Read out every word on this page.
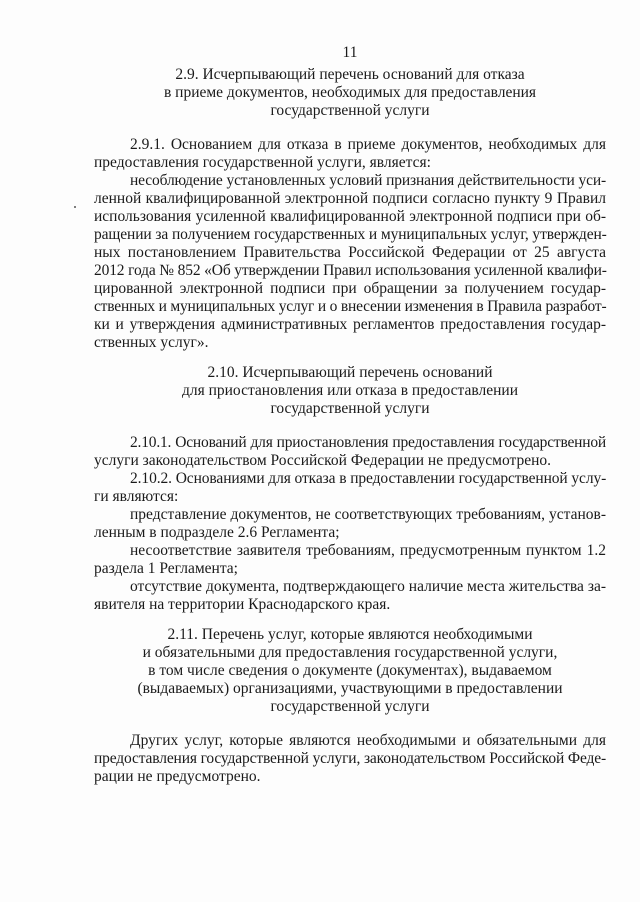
11
2.9. Исчерпывающий перечень оснований для отказа
в приеме документов, необходимых для предоставления
государственной услуги
2.9.1. Основанием для отказа в приеме документов, необходимых для
предоставления государственной услуги, является:
несоблюдение установленных условий признания действительности уси-
ленной квалифицированной электронной подписи согласно пункту 9 Правил
использования усиленной квалифицированной электронной подписи при об-
ращении за получением государственных и муниципальных услуг, утвержден-
ных постановлением Правительства Российской Федерации от 25 августа
2012 года № 852 «Об утверждении Правил использования усиленной квалифи-
цированной электронной подписи при обращении за получением государ-
ственных и муниципальных услуг и о внесении изменения в Правила разработ-
ки и утверждения административных регламентов предоставления государ-
ственных услуг».
2.10. Исчерпывающий перечень оснований
для приостановления или отказа в предоставлении
государственной услуги
2.10.1. Оснований для приостановления предоставления государственной
услуги законодательством Российской Федерации не предусмотрено.
2.10.2. Основаниями для отказа в предоставлении государственной услу-
ги являются:
представление документов, не соответствующих требованиям, установ-
ленным в подразделе 2.6 Регламента;
несоответствие заявителя требованиям, предусмотренным пунктом 1.2
раздела 1 Регламента;
отсутствие документа, подтверждающего наличие места жительства за-
явителя на территории Краснодарского края.
2.11. Перечень услуг, которые являются необходимыми
и обязательными для предоставления государственной услуги,
в том числе сведения о документе (документах), выдаваемом
(выдаваемых) организациями, участвующими в предоставлении
государственной услуги
Других услуг, которые являются необходимыми и обязательными для
предоставления государственной услуги, законодательством Российской Феде-
рации не предусмотрено.
